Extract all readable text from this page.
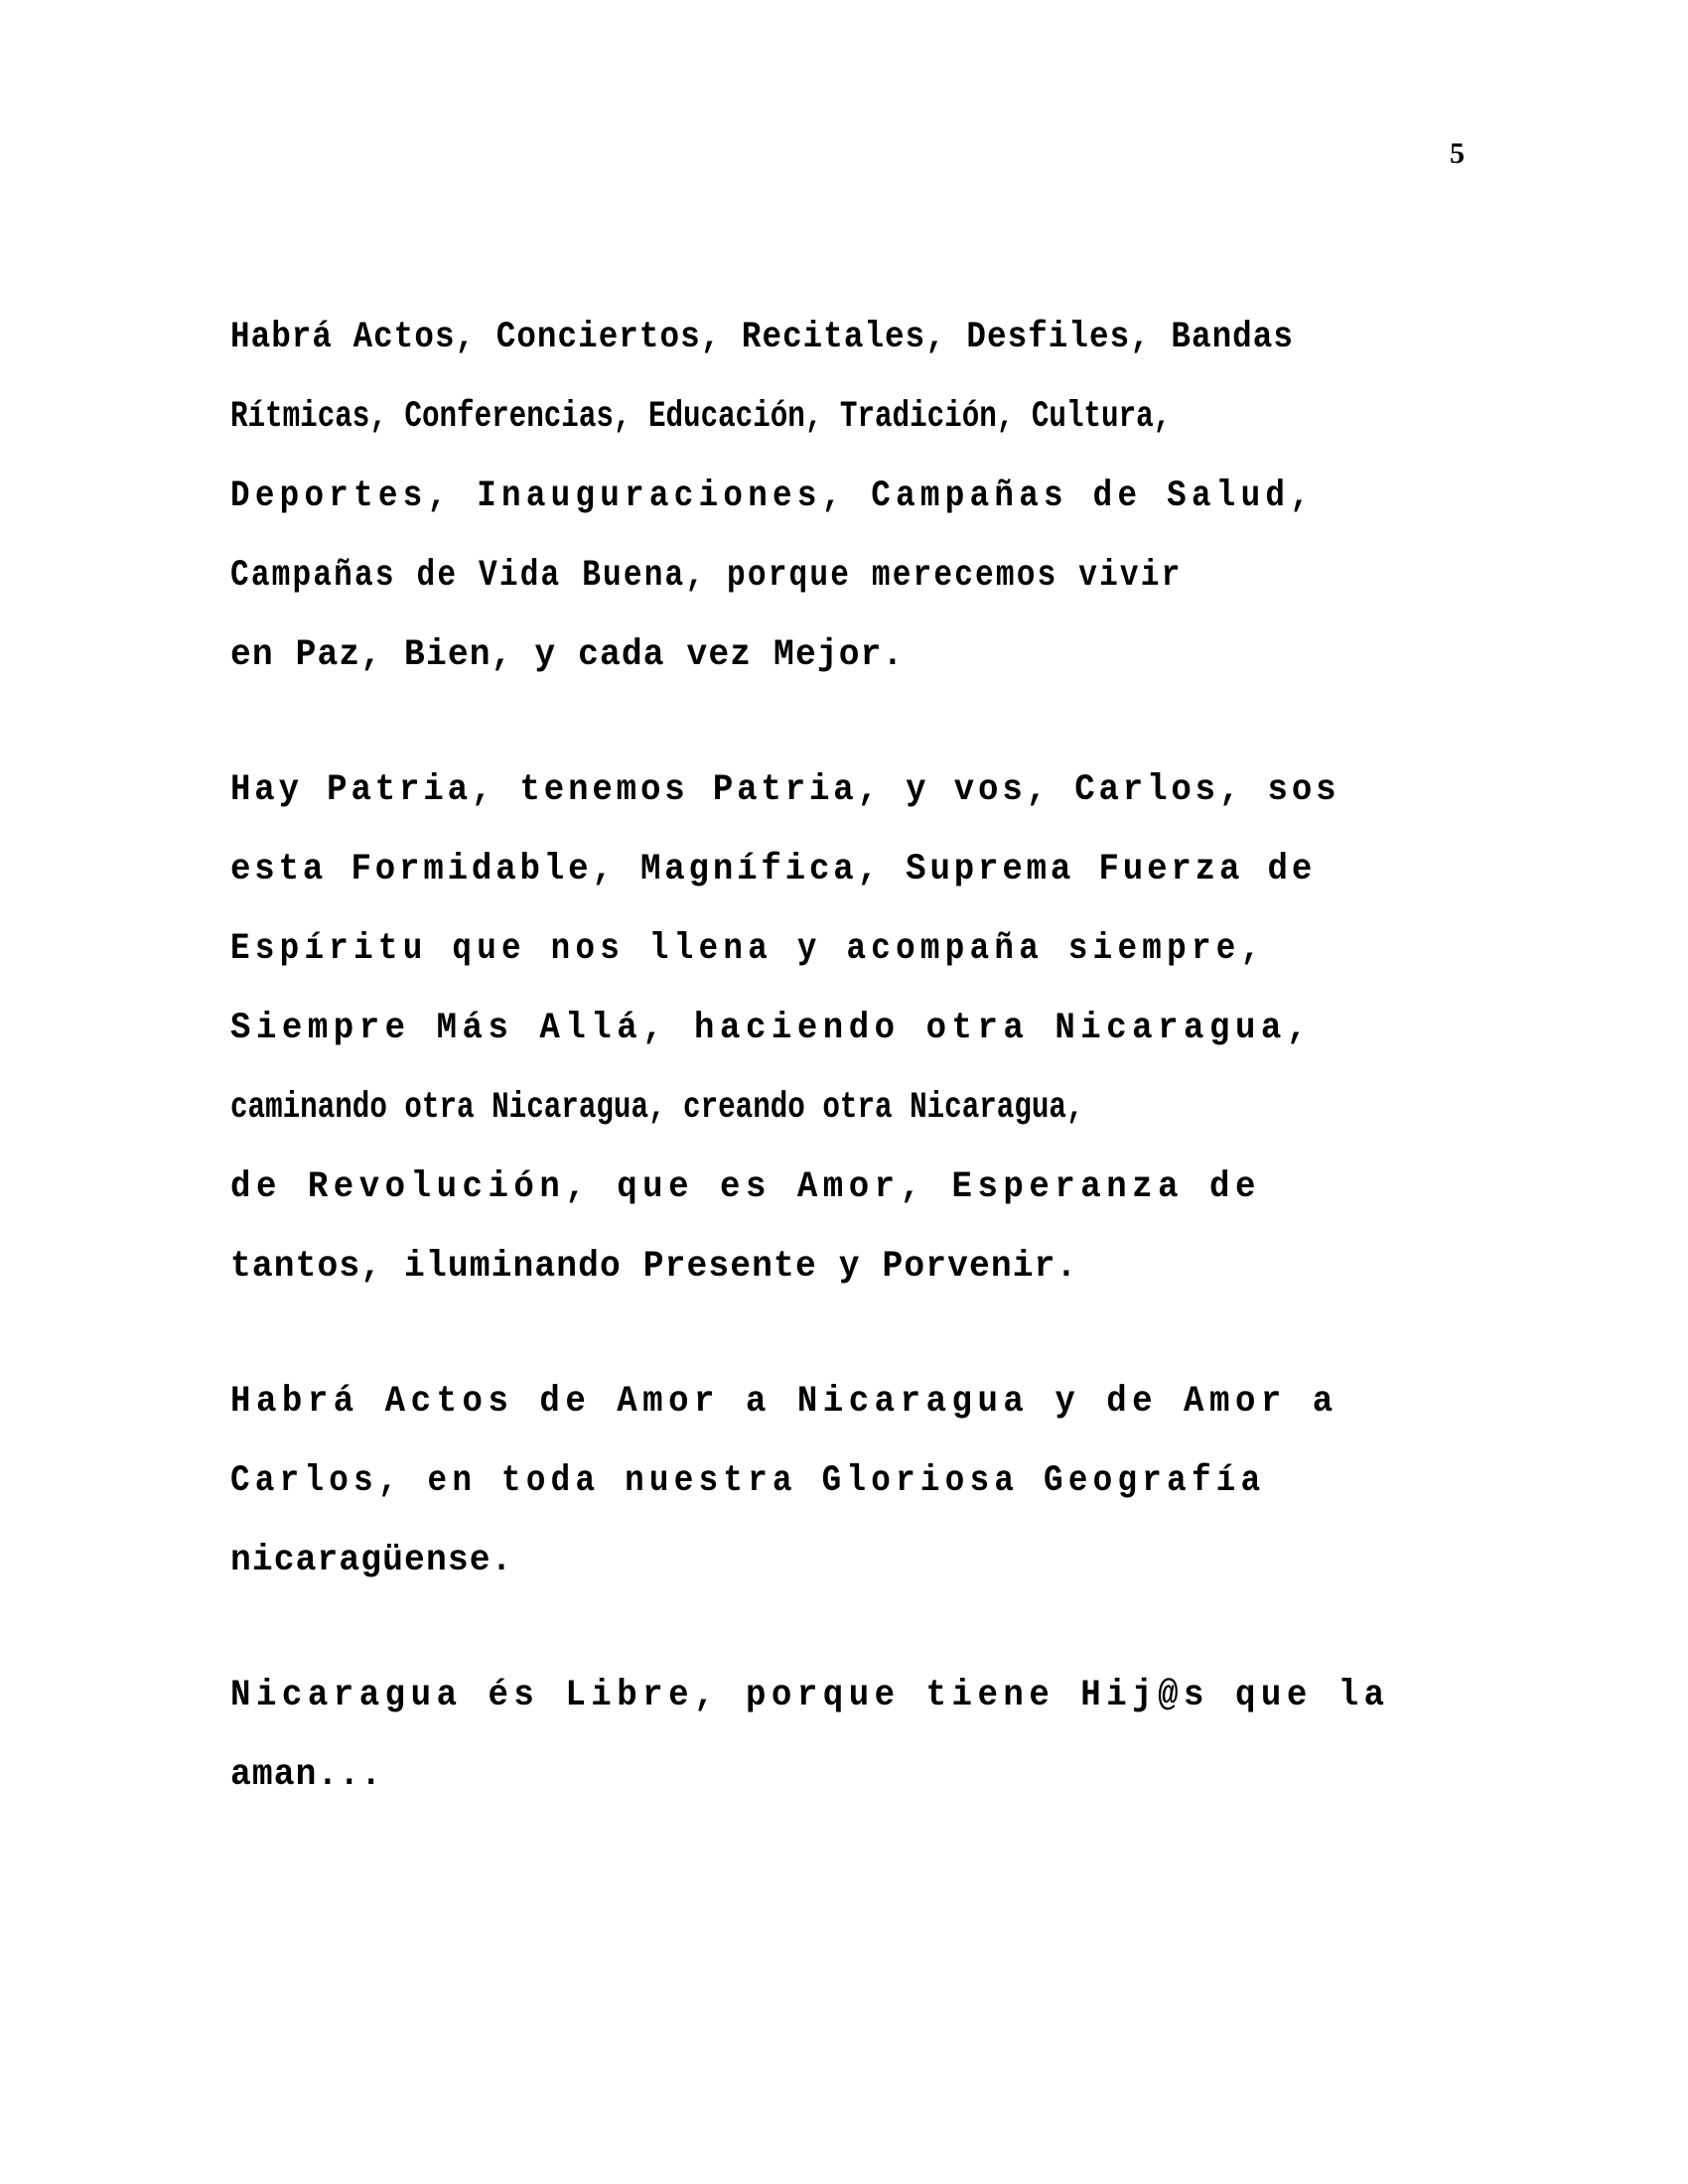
5

Habrá Actos, Conciertos, Recitales, Desfiles, Bandas
Rítmicas, Conferencias, Educación, Tradición, Cultura,
Deportes, Inauguraciones, Campañas de Salud,
Campañas de Vida Buena, porque merecemos vivir
en Paz, Bien, y cada vez Mejor.

Hay Patria, tenemos Patria, y vos, Carlos, sos
esta Formidable, Magnífica, Suprema Fuerza de
Espíritu que nos llena y acompaña siempre,
Siempre Más Allá, haciendo otra Nicaragua,
caminando otra Nicaragua, creando otra Nicaragua,
de Revolución, que es Amor, Esperanza de
tantos, iluminando Presente y Porvenir.

Habrá Actos de Amor a Nicaragua y de Amor a
Carlos, en toda nuestra Gloriosa Geografía
nicaragüense.

Nicaragua és Libre, porque tiene Hij@s que la
aman...
